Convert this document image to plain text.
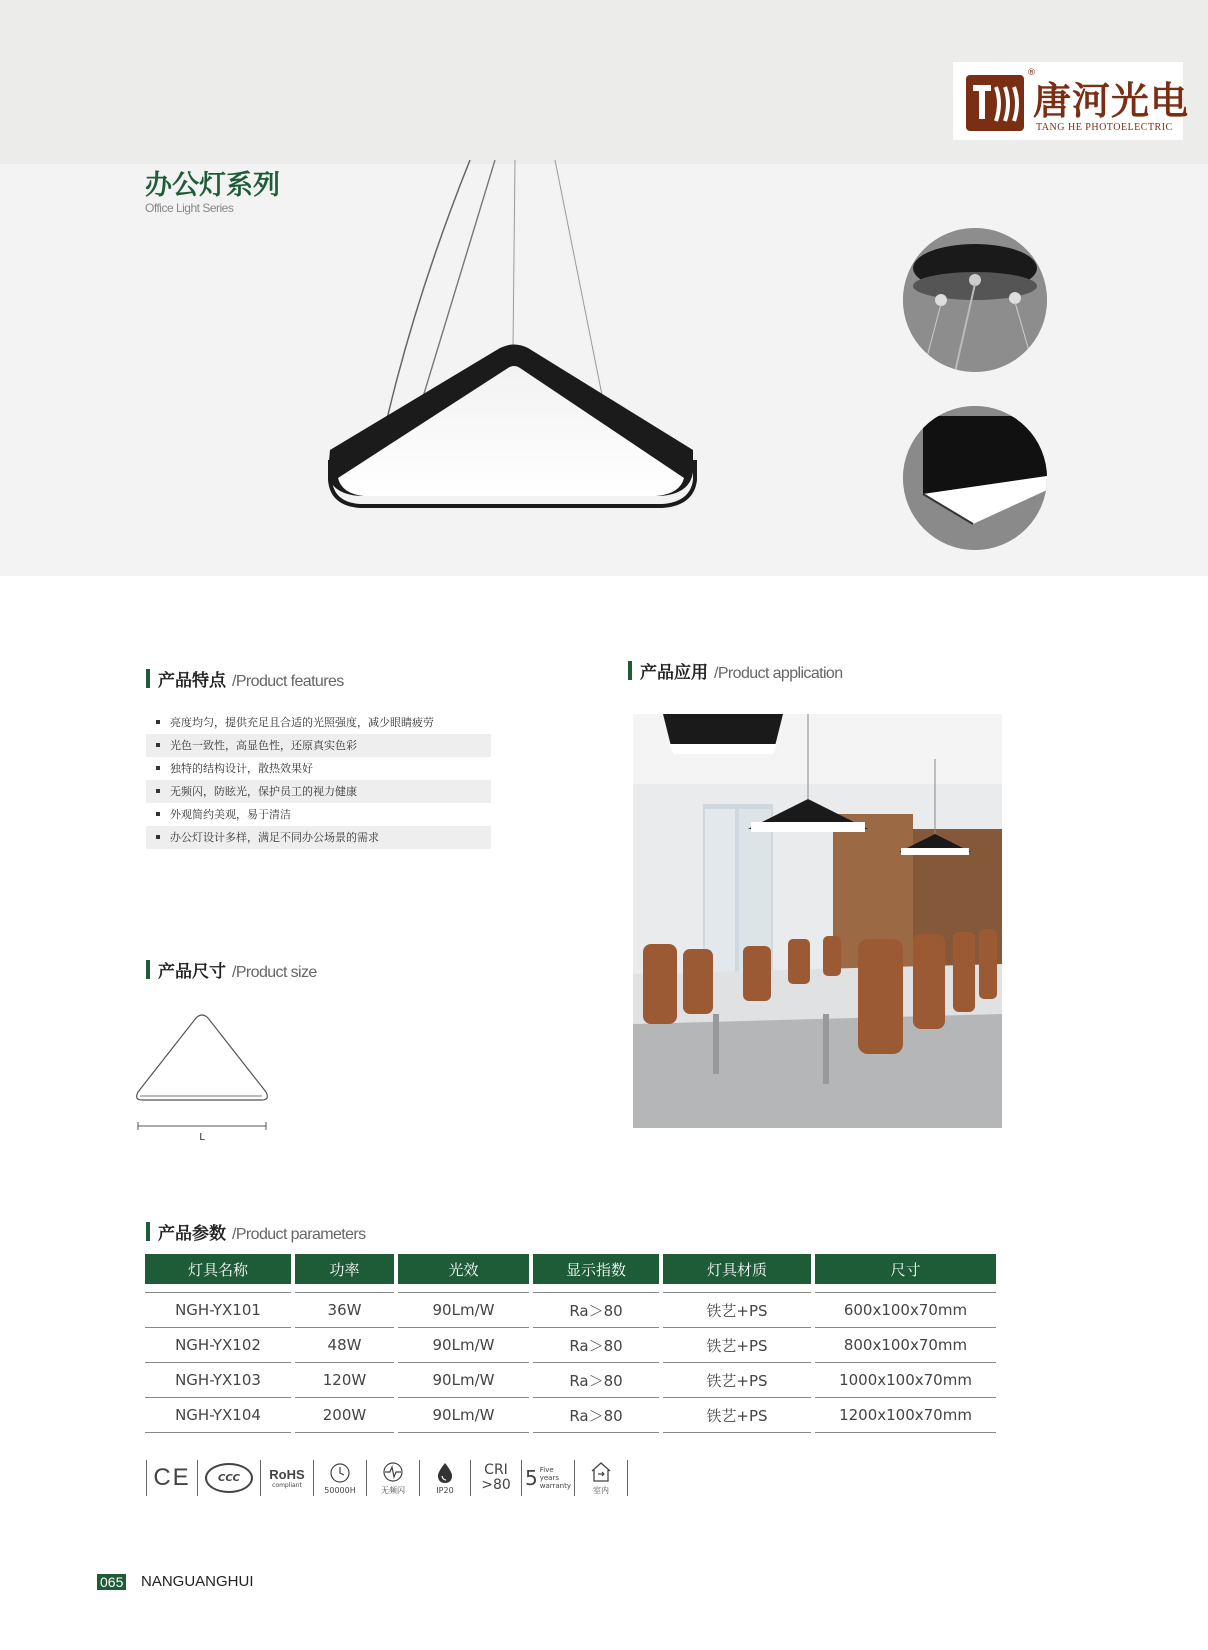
®
唐河光电
TANG HE PHOTOELECTRIC
办公灯系列
Office Light Series
产品特点 /Product features
亮度均匀，提供充足且合适的光照强度，减少眼睛疲劳
光色一致性，高显色性，还原真实色彩
独特的结构设计，散热效果好
无频闪，防眩光，保护员工的视力健康
外观简约美观，易于清洁
办公灯设计多样，满足不同办公场景的需求
产品应用 /Product application
产品尺寸 /Product size
L
产品参数 /Product parameters
灯具名称	功率	光效	显示指数	灯具材质	尺寸

NGH-YX101	36W	90Lm/W	Ra＞80	铁艺+PS	600x100x70mm
NGH-YX102	48W	90Lm/W	Ra＞80	铁艺+PS	800x100x70mm
NGH-YX103	120W	90Lm/W	Ra＞80	铁艺+PS	1000x100x70mm
NGH-YX104	200W	90Lm/W	Ra＞80	铁艺+PS	1200x100x70mm
CE	CCC	RoHS
compliant	50000H	无频闪	IP20
CRI
>80 5 Five
years
warranty	室内
065 NANGUANGHUI
